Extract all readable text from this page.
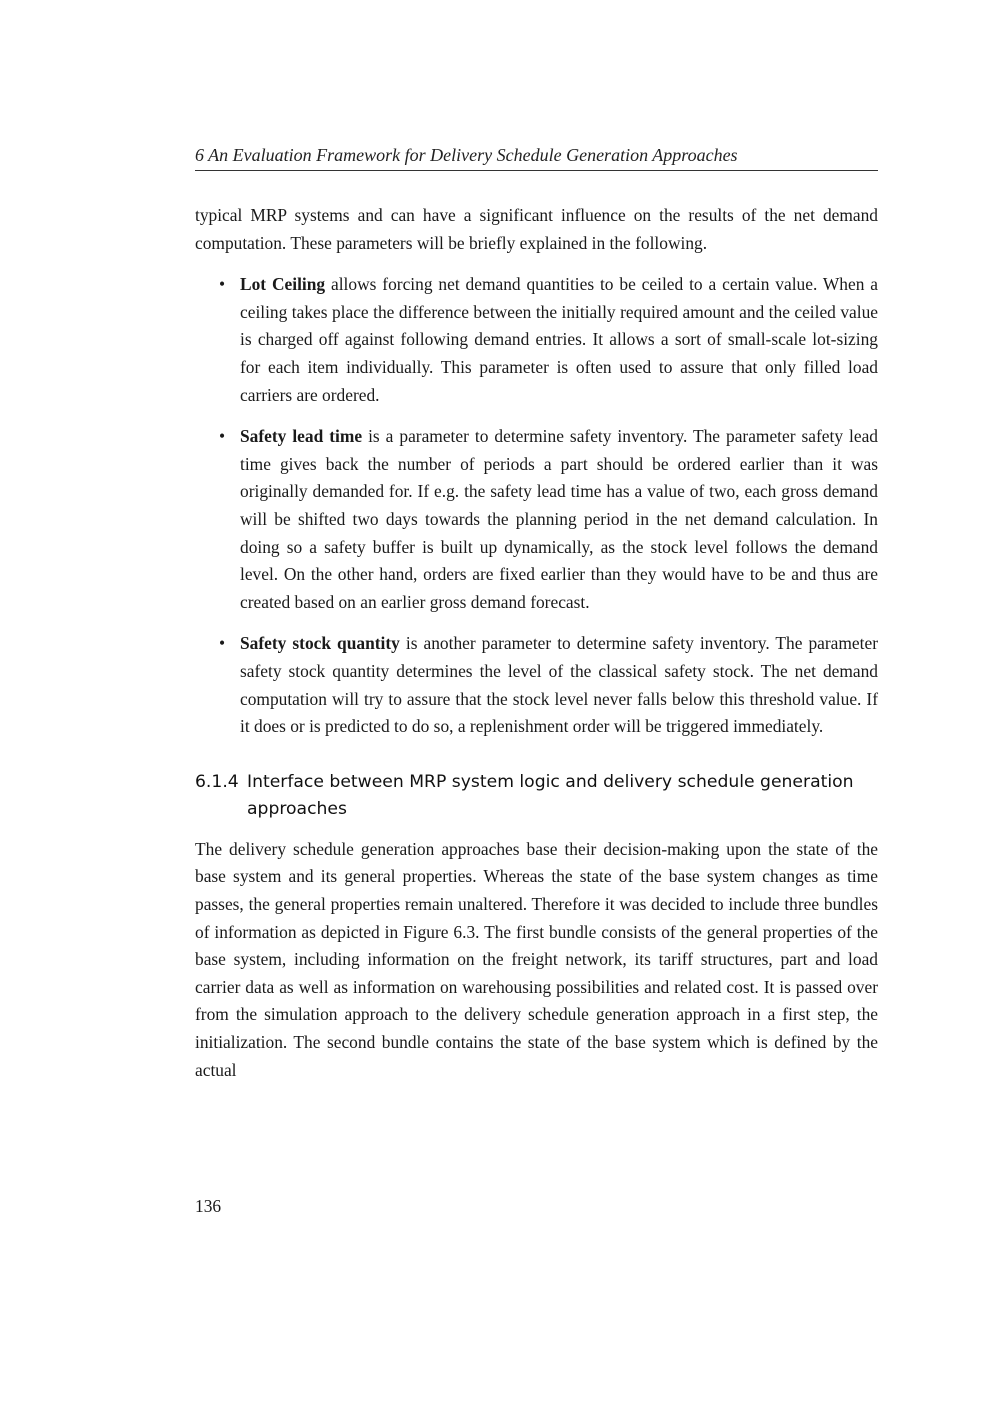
6 An Evaluation Framework for Delivery Schedule Generation Approaches

typical MRP systems and can have a significant influence on the results of the net demand computation. These parameters will be briefly explained in the following.

• Lot Ceiling allows forcing net demand quantities to be ceiled to a certain value. When a ceiling takes place the difference between the initially required amount and the ceiled value is charged off against following demand entries. It allows a sort of small-scale lot-sizing for each item individually. This parameter is often used to assure that only filled load carriers are ordered.
• Safety lead time is a parameter to determine safety inventory. The parameter safety lead time gives back the number of periods a part should be ordered earlier than it was originally demanded for. If e.g. the safety lead time has a value of two, each gross demand will be shifted two days towards the planning period in the net demand calculation. In doing so a safety buffer is built up dynamically, as the stock level follows the demand level. On the other hand, orders are fixed earlier than they would have to be and thus are created based on an earlier gross demand forecast.
• Safety stock quantity is another parameter to determine safety inventory. The parameter safety stock quantity determines the level of the classical safety stock. The net demand computation will try to assure that the stock level never falls below this threshold value. If it does or is predicted to do so, a replenishment order will be triggered immediately.
6.1.4 Interface between MRP system logic and delivery schedule generation approaches

The delivery schedule generation approaches base their decision-making upon the state of the base system and its general properties. Whereas the state of the base system changes as time passes, the general properties remain unaltered. Therefore it was decided to include three bundles of information as depicted in Figure 6.3. The first bundle consists of the general properties of the base system, including information on the freight network, its tariff structures, part and load carrier data as well as information on warehousing possibilities and related cost. It is passed over from the simulation approach to the delivery schedule generation approach in a first step, the initialization. The second bundle contains the state of the base system which is defined by the actual

136
